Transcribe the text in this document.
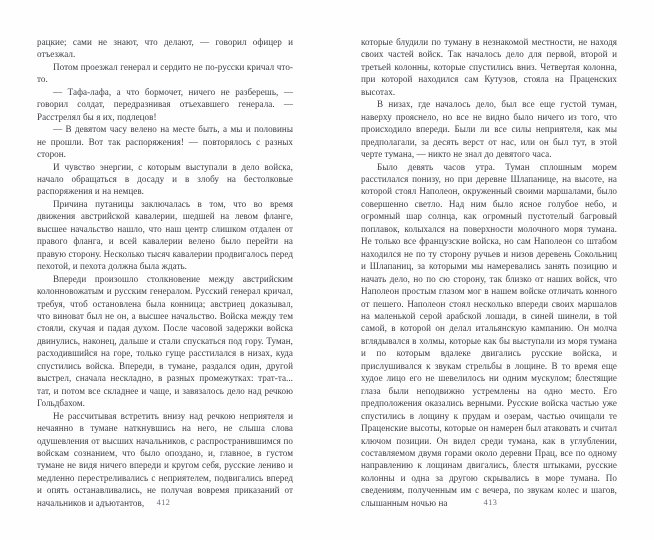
рацкие; сами не знают, что делают, — говорил офицер и отъезжал.

Потом проезжал генерал и сердито не по-русски кричал что-то.

— Тафа-лафа, а что бормочет, ничего не разберешь, — говорил солдат, передразнивая отъехавшего генерала. — Расстрелял бы я их, подлецов!

— В девятом часу велено на месте быть, а мы и половины не прошли. Вот так распоряжения! — повторялось с разных сторон.

И чувство энергии, с которым выступали в дело войска, начало обращаться в досаду и в злобу на бестолковые распоряжения и на немцев.

Причина путаницы заключалась в том, что во время движения австрийской кавалерии, шедшей на левом фланге, высшее начальство нашло, что наш центр слишком отдален от правого фланга, и всей кавалерии велено было перейти на правую сторону. Несколько тысяч кавалерии продвигалось перед пехотой, и пехота должна была ждать.

Впереди произошло столкновение между австрийским колонновожатым и русским генералом. Русский генерал кричал, требуя, чтоб остановлена была конница; австриец доказывал, что виноват был не он, а высшее начальство. Войска между тем стояли, скучая и падая духом. После часовой задержки войска двинулись, наконец, дальше и стали спускаться под гору. Туман, расходившийся на горе, только гуще расстилался в низах, куда спустились войска. Впереди, в тумане, раздался один, другой выстрел, сначала нескладно, в разных промежутках: трат-та... тат, и потом все складнее и чаще, и завязалось дело над речкою Гольдбахом.

Не рассчитывая встретить внизу над речкою неприятеля и нечаянно в тумане наткнувшись на него, не слыша слова одушевления от высших начальников, с распространившимся по войскам сознанием, что было опоздано, и, главное, в густом тумане не видя ничего впереди и кругом себя, русские лениво и медленно перестреливались с неприятелем, подвигались вперед и опять останавливались, не получая вовремя приказаний от начальников и адъютантов,	412

которые блудили по туману в незнакомой местности, не находя своих частей войск. Так началось дело для первой, второй и третьей колонны, которые спустились вниз. Четвертая колонна, при которой находился сам Кутузов, стояла на Праценских высотах.

В низах, где началось дело, был все еще густой туман, наверху прояснело, но все не видно было ничего из того, что происходило впереди. Были ли все силы неприятеля, как мы предполагали, за десять верст от нас, или он был тут, в этой черте тумана, — никто не знал до девятого часа.

Было девять часов утра. Туман сплошным морем расстилался понизу, но при деревне Шлапанице, на высоте, на которой стоял Наполеон, окруженный своими маршалами, было совершенно светло. Над ним было ясное голубое небо, и огромный шар солнца, как огромный пустотелый багровый поплавок, колыхался на поверхности молочного моря тумана. Не только все французские войска, но сам Наполеон со штабом находился не по ту сторону ручьев и низов деревень Сокольниц и Шлапаниц, за которыми мы намеревались занять позицию и начать дело, но по сю сторону, так близко от наших войск, что Наполеон простым глазом мог в нашем войске отличать конного от пешего. Наполеон стоял несколько впереди своих маршалов на маленькой серой арабской лошади, в синей шинели, в той самой, в которой он делал итальянскую кампанию. Он молча вглядывался в холмы, которые как бы выступали из моря тумана и по которым вдалеке двигались русские войска, и прислушивался к звукам стрельбы в лощине. В то время еще худое лицо его не шевелилось ни одним мускулом; блестящие глаза были неподвижно устремлены на одно место. Его предположения оказались верными. Русские войска частью уже спустились в лощину к прудам и озерам, частью очищали те Праценские высоты, которые он намерен был атаковать и считал ключом позиции. Он видел среди тумана, как в углублении, составляемом двумя горами около деревни Прац, все по одному направлению к лощинам двигались, блестя штыками, русские колонны и одна за другою скрывались в море тумана. По сведениям, полученным им с вечера, по звукам колес и шагов, слышанным ночью на	413
